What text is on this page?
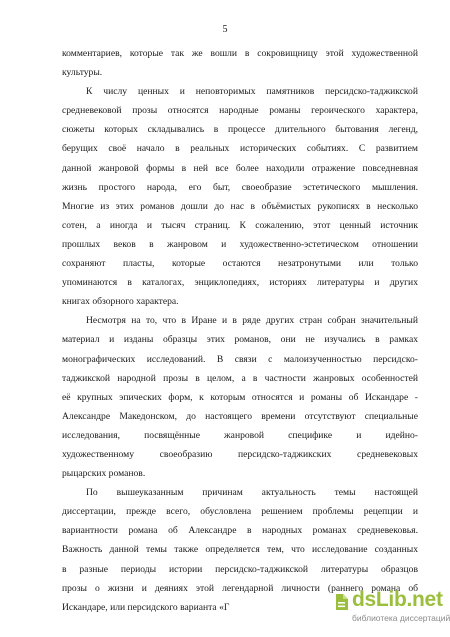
5
комментариев, которые так же вошли в сокровищницу этой художественной
культуры.
К числу ценных и неповторимых памятников персидско-таджикской
средневековой прозы относятся народные романы героического характера,
сюжеты которых складывались в процессе длительного бытования легенд,
берущих своё начало в реальных исторических событиях. С развитием
данной жанровой формы в ней все более находили отражение повседневная
жизнь простого народа, его быт, своеобразие эстетического мышления.
Многие из этих романов дошли до нас в объёмистых рукописях в несколько
сотен, а иногда и тысяч страниц. К сожалению, этот ценный источник
прошлых веков в жанровом и художественно-эстетическом отношении
сохраняют пласты, которые остаются незатронутыми или только
упоминаются в каталогах, энциклопедиях, историях литературы и других
книгах обзорного характера.
Несмотря на то, что в Иране и в ряде других стран собран значительный
материал и изданы образцы этих романов, они не изучались в рамках
монографических исследований. В связи с малоизученностью персидско-
таджикской народной прозы в целом, а в частности жанровых особенностей
её крупных эпических форм, к которым относятся и романы об Искандаре -
Александре Македонском, до настоящего времени отсутствуют специальные
исследования, посвящённые жанровой специфике и идейно-
художественному своеобразию персидско-таджикских средневековых
рыцарских романов.
По вышеуказанным причинам актуальность темы настоящей
диссертации, прежде всего, обусловлена решением проблемы рецепции и
вариантности романа об Александре в народных романах средневековья.
Важность данной темы также определяется тем, что исследование созданных
в разные периоды истории персидско-таджикской литературы образцов
прозы о жизни и деяниях этой легендарной личности (раннего романа об
Искандаре, или персидского варианта «Г	dsLib.net
библиотека диссертаций
